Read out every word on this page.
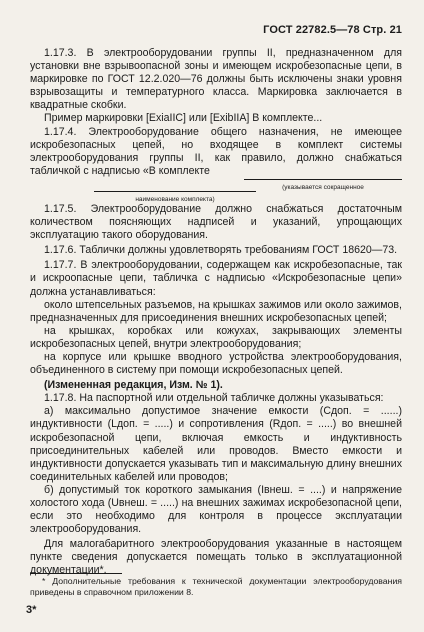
ГОСТ 22782.5—78 Стр. 21

1.17.3. В электрооборудовании группы II, предназначенном для установки вне взрывоопасной зоны и имеющем искробезопасные цепи, в маркировке по ГОСТ 12.2.020—76 должны быть исключены знаки уровня взрывозащиты и температурного класса. Маркировка заключается в квадратные скобки.

Пример маркировки [ExiaIIC] или [ExibIIA] В комплекте...

1.17.4. Электрооборудование общего назначения, не имеющее искробезопасных цепей, но входящее в комплект системы электрооборудования группы II, как правило, должно снабжаться табличкой с надписью «В комплекте

(указывается сокращенное
наименование комплекта)

1.17.5. Электрооборудование должно снабжаться достаточным количеством поясняющих надписей и указаний, упрощающих эксплуатацию такого оборудования.

1.17.6. Таблички должны удовлетворять требованиям ГОСТ 18620—73.

1.17.7. В электрооборудовании, содержащем как искробезопасные, так и искроопасные цепи, табличка с надписью «Искробезопасные цепи» должна устанавливаться:

около штепсельных разъемов, на крышках зажимов или около зажимов, предназначенных для присоединения внешних искробезопасных цепей;

на крышках, коробках или кожухах, закрывающих элементы искробезопасных цепей, внутри электрооборудования;

на корпусе или крышке вводного устройства электрооборудования, объединенного в систему при помощи искробезопасных цепей.

(Измененная редакция, Изм. № 1).

1.17.8. На паспортной или отдельной табличке должны указываться:

а) максимально допустимое значение емкости (Cдоп. = ......) индуктивности (Lдоп. = .....) и сопротивления (Rдоп. = .....) во внешней искробезопасной цепи, включая емкость и индуктивность присоединительных кабелей или проводов. Вместо емкости и индуктивности допускается указывать тип и максимальную длину внешних соединительных кабелей или проводов;

б) допустимый ток короткого замыкания (Iвнеш. = ....) и напряжение холостого хода (Uвнеш. = .....) на внешних зажимах искробезопасной цепи, если это необходимо для контроля в процессе эксплуатации электрооборудования.

Для малогабаритного электрооборудования указанные в настоящем пункте сведения допускается помещать только в эксплуатационной документации*.

* Дополнительные требования к технической документации электрооборудования приведены в справочном приложении 8.
3*
